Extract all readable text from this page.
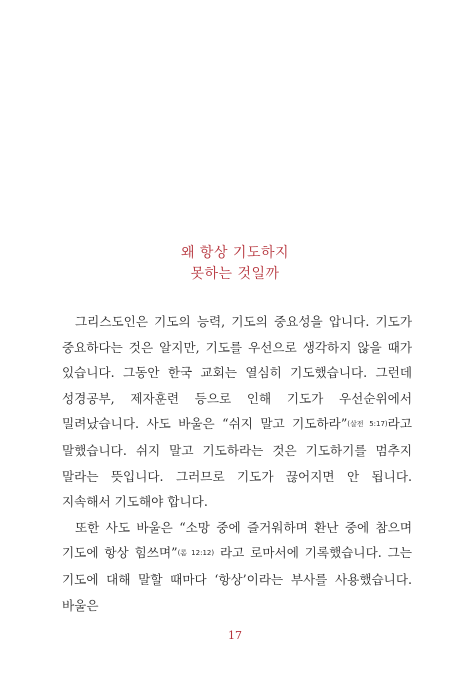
왜 항상 기도하지
못하는 것일까

그리스도인은 기도의 능력, 기도의 중요성을 압니다. 기도가 중요하다는 것은 알지만, 기도를 우선으로 생각하지 않을 때가 있습니다. 그동안 한국 교회는 열심히 기도했습니다. 그런데 성경공부, 제자훈련 등으로 인해 기도가 우선순위에서 밀려났습니다. 사도 바울은 “쉬지 말고 기도하라”(살전 5:17)라고 말했습니다. 쉬지 말고 기도하라는 것은 기도하기를 멈추지 말라는 뜻입니다. 그러므로 기도가 끊어지면 안 됩니다. 지속해서 기도해야 합니다.

또한 사도 바울은 “소망 중에 즐거워하며 환난 중에 참으며 기도에 항상 힘쓰며”(롬 12:12) 라고 로마서에 기록했습니다. 그는 기도에 대해 말할 때마다 ‘항상’이라는 부사를 사용했습니다. 바울은

17
